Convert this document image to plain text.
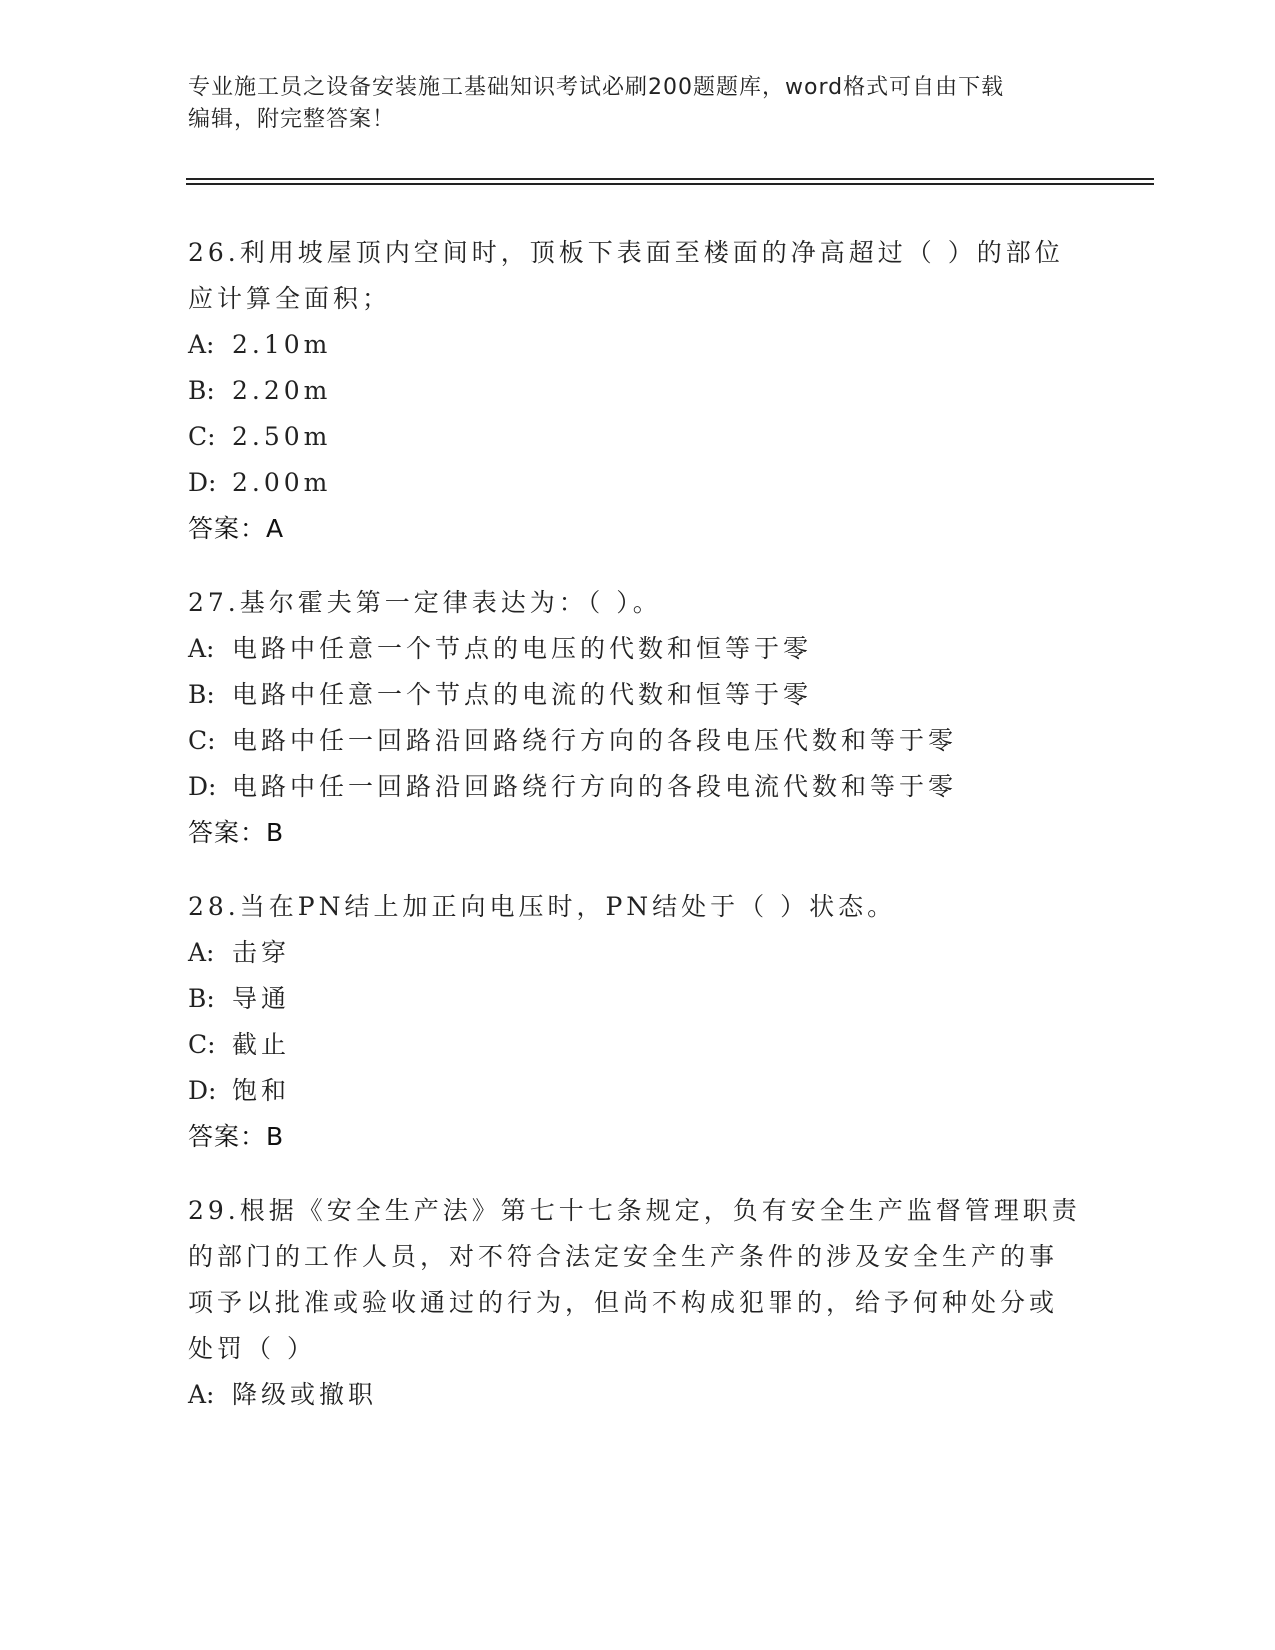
专业施工员之设备安装施工基础知识考试必刷200题题库，word格式可自由下载
编辑，附完整答案！
26.利用坡屋顶内空间时，顶板下表面至楼面的净高超过（ ）的部位
应计算全面积；
A: 2.10m
B: 2.20m
C: 2.50m
D: 2.00m
答案：A
27.基尔霍夫第一定律表达为：（ ）。
A: 电路中任意一个节点的电压的代数和恒等于零
B: 电路中任意一个节点的电流的代数和恒等于零
C: 电路中任一回路沿回路绕行方向的各段电压代数和等于零
D: 电路中任一回路沿回路绕行方向的各段电流代数和等于零
答案：B
28.当在PN结上加正向电压时，PN结处于（ ）状态。
A: 击穿
B: 导通
C: 截止
D: 饱和
答案：B
29.根据《安全生产法》第七十七条规定，负有安全生产监督管理职责
的部门的工作人员，对不符合法定安全生产条件的涉及安全生产的事
项予以批准或验收通过的行为，但尚不构成犯罪的，给予何种处分或
处罚（ ）
A: 降级或撤职
